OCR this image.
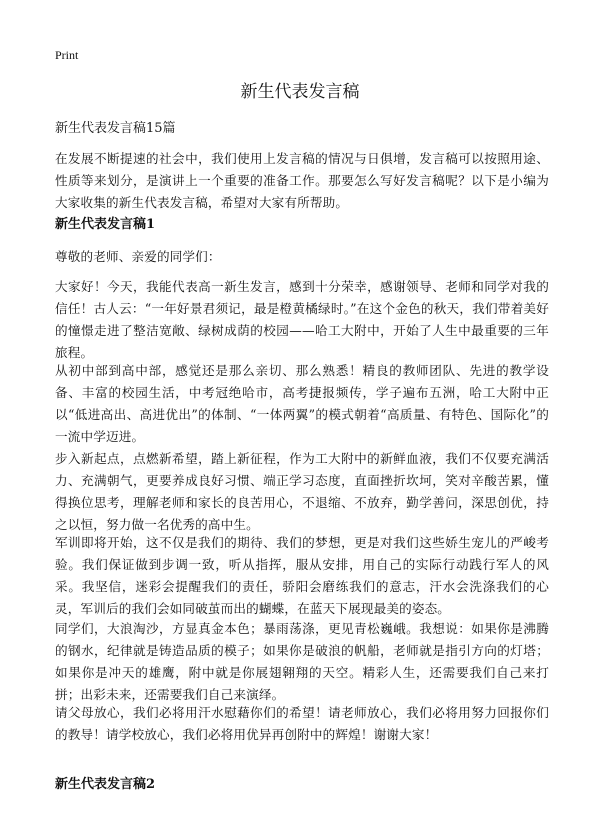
Print
新生代表发言稿

新生代表发言稿15篇

在发展不断提速的社会中，我们使用上发言稿的情况与日俱增，发言稿可以按照用途、性质等来划分，是演讲上一个重要的准备工作。那要怎么写好发言稿呢？以下是小编为大家收集的新生代表发言稿，希望对大家有所帮助。

新生代表发言稿1

尊敬的老师、亲爱的同学们：

大家好！今天，我能代表高一新生发言，感到十分荣幸，感谢领导、老师和同学对我的信任！古人云：“一年好景君须记，最是橙黄橘绿时。”在这个金色的秋天，我们带着美好的憧憬走进了整洁宽敞、绿树成荫的校园——哈工大附中，开始了人生中最重要的三年旅程。

从初中部到高中部，感觉还是那么亲切、那么熟悉！精良的教师团队、先进的教学设备、丰富的校园生活，中考冠绝哈市，高考捷报频传，学子遍布五洲，哈工大附中正以“低进高出、高进优出”的体制、“一体两翼”的模式朝着“高质量、有特色、国际化”的一流中学迈进。

步入新起点，点燃新希望，踏上新征程，作为工大附中的新鲜血液，我们不仅要充满活力、充满朝气，更要养成良好习惯、端正学习态度，直面挫折坎坷，笑对辛酸苦累，懂得换位思考，理解老师和家长的良苦用心，不退缩、不放弃，勤学善问，深思创优，持之以恒，努力做一名优秀的高中生。

军训即将开始，这不仅是我们的期待、我们的梦想，更是对我们这些娇生宠儿的严峻考验。我们保证做到步调一致，听从指挥，服从安排，用自己的实际行动践行军人的风采。我坚信，迷彩会提醒我们的责任，骄阳会磨练我们的意志，汗水会洗涤我们的心灵，军训后的我们会如同破茧而出的蝴蝶，在蓝天下展现最美的姿态。

同学们，大浪淘沙，方显真金本色；暴雨荡涤，更见青松巍峨。我想说：如果你是沸腾的钢水，纪律就是铸造品质的模子；如果你是破浪的帆船，老师就是指引方向的灯塔；如果你是冲天的雄鹰，附中就是你展翅翱翔的天空。精彩人生，还需要我们自己来打拼；出彩未来，还需要我们自己来演绎。

请父母放心，我们必将用汗水慰藉你们的希望！请老师放心，我们必将用努力回报你们的教导！请学校放心，我们必将用优异再创附中的辉煌！谢谢大家！

新生代表发言稿2
